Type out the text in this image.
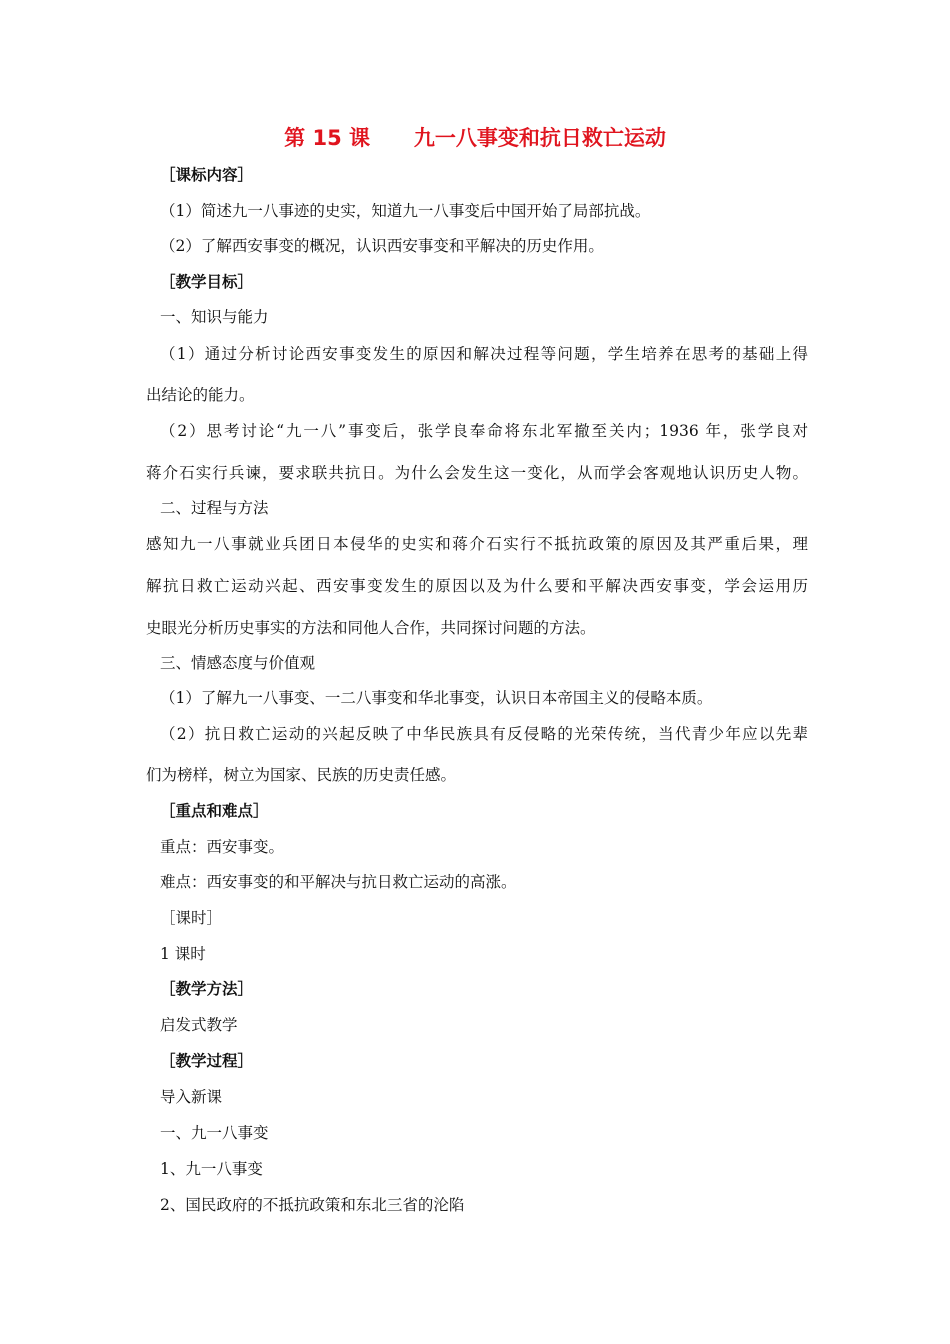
第 15 课      九一八事变和抗日救亡运动
［课标内容］
（1）简述九一八事迹的史实，知道九一八事变后中国开始了局部抗战。
（2）了解西安事变的概况，认识西安事变和平解决的历史作用。
［教学目标］
一、知识与能力
（1）通过分析讨论西安事变发生的原因和解决过程等问题，学生培养在思考的基础上得
出结论的能力。
（2）思考讨论“九一八”事变后，张学良奉命将东北军撤至关内；1936 年，张学良对
蒋介石实行兵谏，要求联共抗日。为什么会发生这一变化，从而学会客观地认识历史人物。
二、过程与方法
感知九一八事就业兵团日本侵华的史实和蒋介石实行不抵抗政策的原因及其严重后果，理
解抗日救亡运动兴起、西安事变发生的原因以及为什么要和平解决西安事变，学会运用历
史眼光分析历史事实的方法和同他人合作，共同探讨问题的方法。
三、情感态度与价值观
（1）了解九一八事变、一二八事变和华北事变，认识日本帝国主义的侵略本质。
（2）抗日救亡运动的兴起反映了中华民族具有反侵略的光荣传统，当代青少年应以先辈
们为榜样，树立为国家、民族的历史责任感。
［重点和难点］
重点：西安事变。
难点：西安事变的和平解决与抗日救亡运动的高涨。
［课时］
1 课时
［教学方法］
启发式教学
［教学过程］
导入新课
一、九一八事变
1、九一八事变
2、国民政府的不抵抗政策和东北三省的沦陷
